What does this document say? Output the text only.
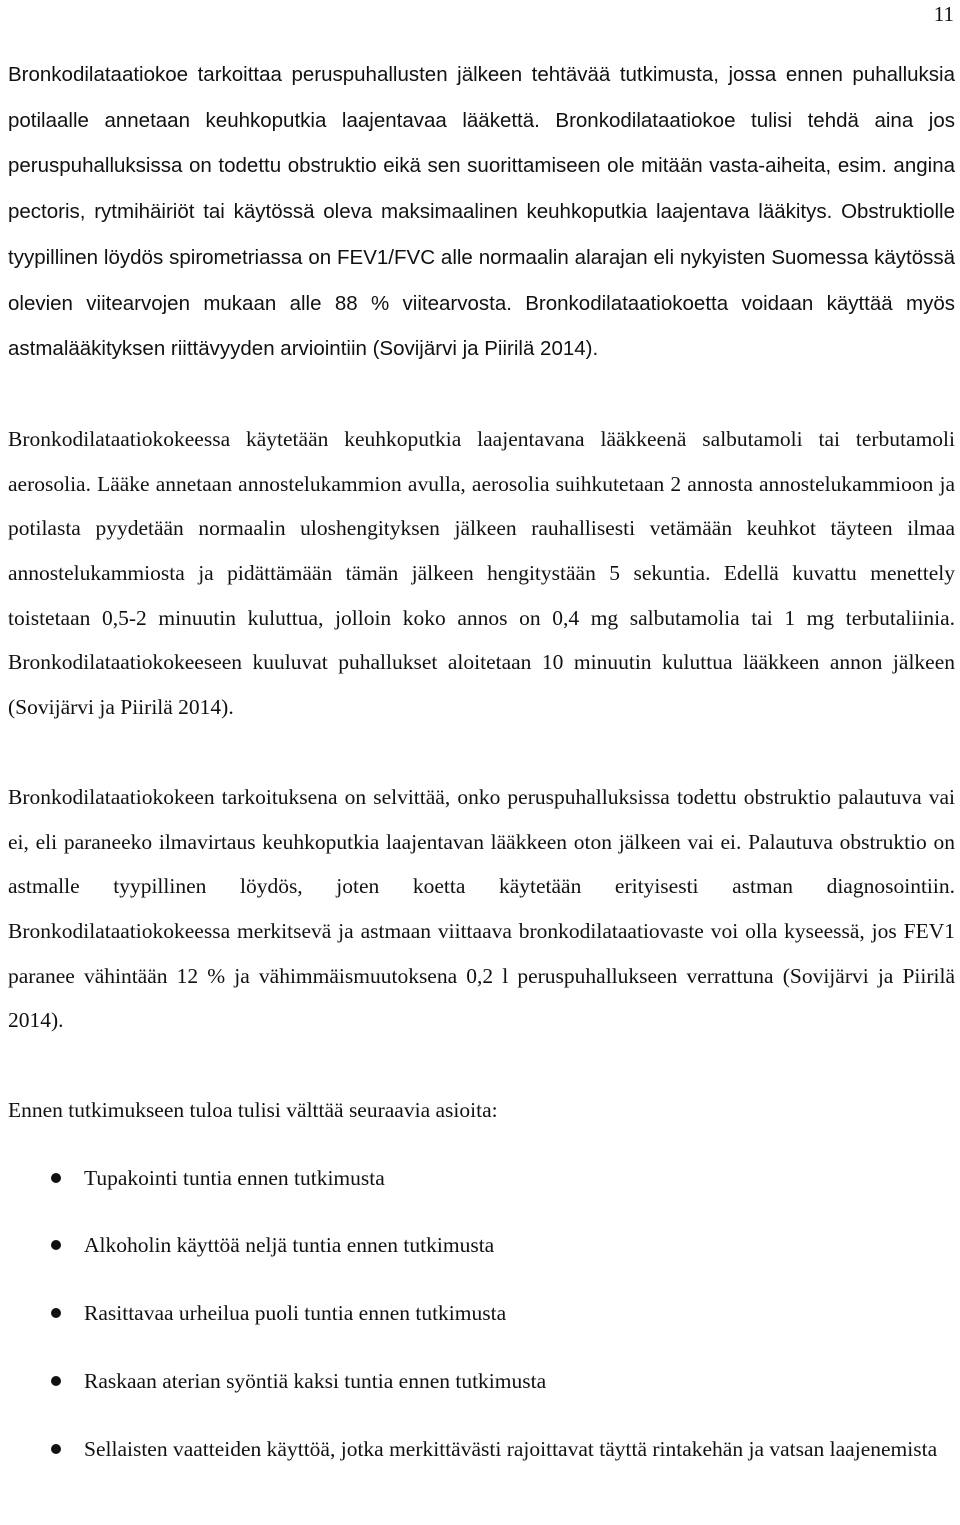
11

Bronkodilataatiokoe tarkoittaa peruspuhallusten jälkeen tehtävää tutkimusta, jossa ennen puhalluksia potilaalle annetaan keuhkoputkia laajentavaa lääkettä. Bronkodilataatiokoe tulisi tehdä aina jos peruspuhalluksissa on todettu obstruktio eikä sen suorittamiseen ole mitään vasta-aiheita, esim. angina pectoris, rytmihäiriöt tai käytössä oleva maksimaalinen keuhkoputkia laajentava lääkitys. Obstruktiolle tyypillinen löydös spirometriassa on FEV1/FVC alle normaalin alarajan eli nykyisten Suomessa käytössä olevien viitearvojen mukaan alle 88 % viitearvosta. Bronkodilataatiokoetta voidaan käyttää myös astmalääkityksen riittävyyden arviointiin (Sovijärvi ja Piirilä 2014).

Bronkodilataatiokokeessa käytetään keuhkoputkia laajentavana lääkkeenä salbutamoli tai terbutamoli aerosolia. Lääke annetaan annostelukammion avulla, aerosolia suihkutetaan 2 annosta annostelukammioon ja potilasta pyydetään normaalin uloshengityksen jälkeen rauhallisesti vetämään keuhkot täyteen ilmaa annostelukammiosta ja pidättämään tämän jälkeen hengitystään 5 sekuntia. Edellä kuvattu menettely toistetaan 0,5-2 minuutin kuluttua, jolloin koko annos on 0,4 mg salbutamolia tai 1 mg terbutaliinia. Bronkodilataatiokokeeseen kuuluvat puhallukset aloitetaan 10 minuutin kuluttua lääkkeen annon jälkeen (Sovijärvi ja Piirilä 2014).

Bronkodilataatiokokeen tarkoituksena on selvittää, onko peruspuhalluksissa todettu obstruktio palautuva vai ei, eli paraneeko ilmavirtaus keuhkoputkia laajentavan lääkkeen oton jälkeen vai ei. Palautuva obstruktio on astmalle tyypillinen löydös, joten koetta käytetään erityisesti astman diagnosointiin. Bronkodilataatiokokeessa merkitsevä ja astmaan viittaava bronkodilataatiovaste voi olla kyseessä, jos FEV1 paranee vähintään 12 % ja vähimmäismuutoksena 0,2 l peruspuhallukseen verrattuna (Sovijärvi ja Piirilä 2014).

Ennen tutkimukseen tuloa tulisi välttää seuraavia asioita:

Tupakointi tuntia ennen tutkimusta
Alkoholin käyttöä neljä tuntia ennen tutkimusta
Rasittavaa urheilua puoli tuntia ennen tutkimusta
Raskaan aterian syöntiä kaksi tuntia ennen tutkimusta
Sellaisten vaatteiden käyttöä, jotka merkittävästi rajoittavat täyttä rintakehän ja vatsan laajenemista
